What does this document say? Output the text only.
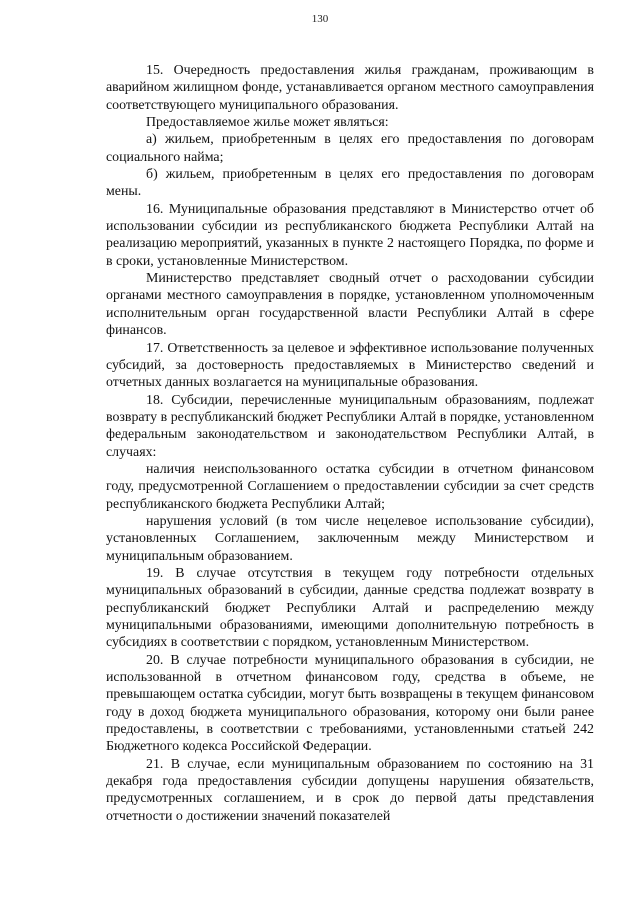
130

15. Очередность предоставления жилья гражданам, проживающим в аварийном жилищном фонде, устанавливается органом местного самоуправления соответствующего муниципального образования.

Предоставляемое жилье может являться:

а) жильем, приобретенным в целях его предоставления по договорам социального найма;

б) жильем, приобретенным в целях его предоставления по договорам мены.

16. Муниципальные образования представляют в Министерство отчет об использовании субсидии из республиканского бюджета Республики Алтай на реализацию мероприятий, указанных в пункте 2 настоящего Порядка, по форме и в сроки, установленные Министерством.

Министерство представляет сводный отчет о расходовании субсидии органами местного самоуправления в порядке, установленном уполномоченным исполнительным орган государственной власти Республики Алтай в сфере финансов.

17. Ответственность за целевое и эффективное использование полученных субсидий, за достоверность предоставляемых в Министерство сведений и отчетных данных возлагается на муниципальные образования.

18. Субсидии, перечисленные муниципальным образованиям, подлежат возврату в республиканский бюджет Республики Алтай в порядке, установленном федеральным законодательством и законодательством Республики Алтай, в случаях:

наличия неиспользованного остатка субсидии в отчетном финансовом году, предусмотренной Соглашением о предоставлении субсидии за счет средств республиканского бюджета Республики Алтай;

нарушения условий (в том числе нецелевое использование субсидии), установленных Соглашением, заключенным между Министерством и муниципальным образованием.

19. В случае отсутствия в текущем году потребности отдельных муниципальных образований в субсидии, данные средства подлежат возврату в республиканский бюджет Республики Алтай и распределению между муниципальными образованиями, имеющими дополнительную потребность в субсидиях в соответствии с порядком, установленным Министерством.

20. В случае потребности муниципального образования в субсидии, не использованной в отчетном финансовом году, средства в объеме, не превышающем остатка субсидии, могут быть возвращены в текущем финансовом году в доход бюджета муниципального образования, которому они были ранее предоставлены, в соответствии с требованиями, установленными статьей 242 Бюджетного кодекса Российской Федерации.

21. В случае, если муниципальным образованием по состоянию на 31 декабря года предоставления субсидии допущены нарушения обязательств, предусмотренных соглашением, и в срок до первой даты представления отчетности о достижении значений показателей
